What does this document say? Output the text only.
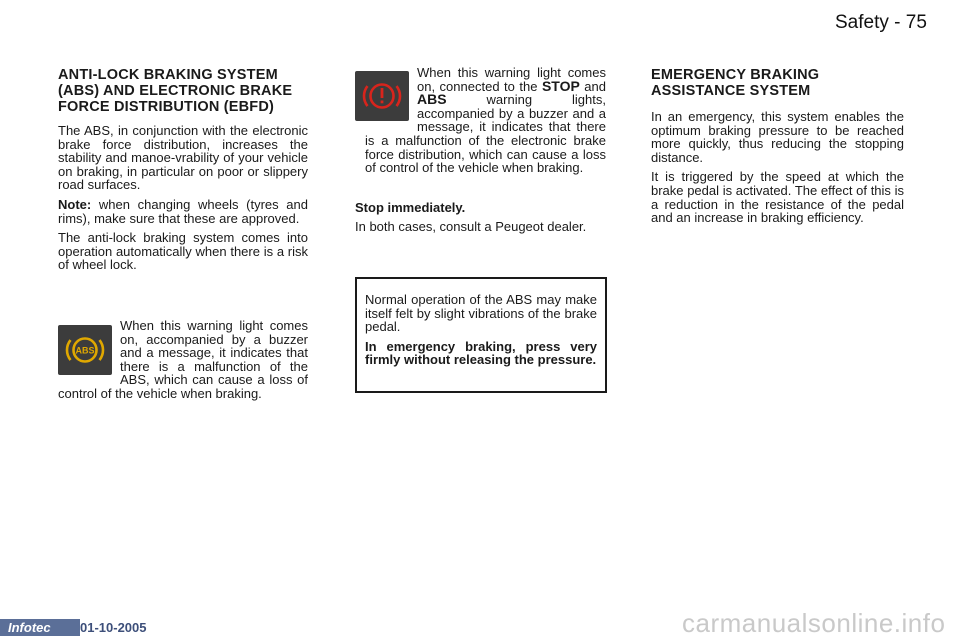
Safety - 75
ANTI-LOCK BRAKING SYSTEM (ABS) AND ELECTRONIC BRAKE FORCE DISTRIBUTION (EBFD)

The ABS, in conjunction with the electronic brake force distribution, increases the stability and manoe-vrability of your vehicle on braking, in particular on poor or slippery road surfaces.

Note: when changing wheels (tyres and rims), make sure that these are approved.

The anti-lock braking system comes into operation automatically when there is a risk of wheel lock.

ABS

When this warning light comes on, accompanied by a buzzer and a message, it indicates that there is a malfunction of the ABS, which can cause a loss of control of the vehicle when braking.

When this warning light comes on, connected to the STOP and ABS warning lights, accompanied by a buzzer and a message, it indicates that there is a malfunction of the electronic brake force distribution, which can cause a loss of control of the vehicle when braking.

Stop immediately.

In both cases, consult a Peugeot dealer.

Normal operation of the ABS may make itself felt by slight vibrations of the brake pedal.

In emergency braking, press very firmly without releasing the pressure.

EMERGENCY BRAKING ASSISTANCE SYSTEM

In an emergency, this system enables the optimum braking pressure to be reached more quickly, thus reducing the stopping distance.

It is triggered by the speed at which the brake pedal is activated. The effect of this is a reduction in the resistance of the pedal and an increase in braking efficiency.

Infotec	01-10-2005	carmanualsonline.info
